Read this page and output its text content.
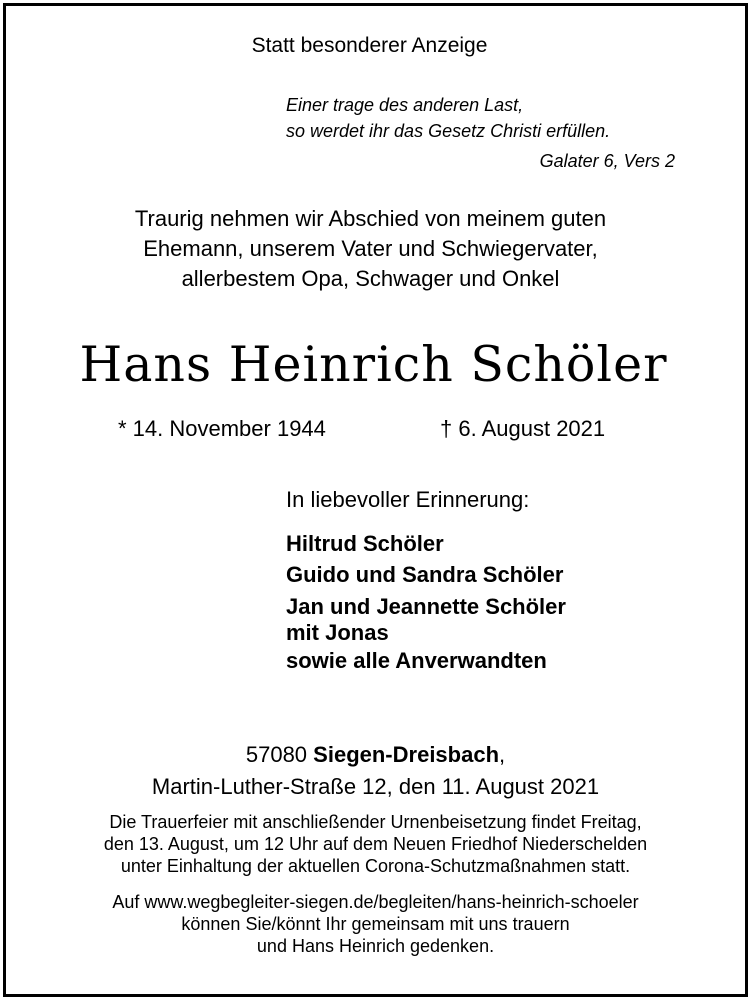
Statt besonderer Anzeige
Einer trage des anderen Last,
so werdet ihr das Gesetz Christi erfüllen.
Galater 6, Vers 2
Traurig nehmen wir Abschied von meinem guten
Ehemann, unserem Vater und Schwiegervater,
allerbestem Opa, Schwager und Onkel
Hans Heinrich Schöler
* 14. November 1944	† 6. August 2021
In liebevoller Erinnerung:
Hiltrud Schöler
Guido und Sandra Schöler
Jan und Jeannette Schöler
mit Jonas
sowie alle Anverwandten
57080 Siegen-Dreisbach,
Martin-Luther-Straße 12, den 11. August 2021
Die Trauerfeier mit anschließender Urnenbeisetzung findet Freitag,
den 13. August, um 12 Uhr auf dem Neuen Friedhof Niederschelden
unter Einhaltung der aktuellen Corona-Schutzmaßnahmen statt.
Auf www.wegbegleiter-siegen.de/begleiten/hans-heinrich-schoeler
können Sie/könnt Ihr gemeinsam mit uns trauern
und Hans Heinrich gedenken.
